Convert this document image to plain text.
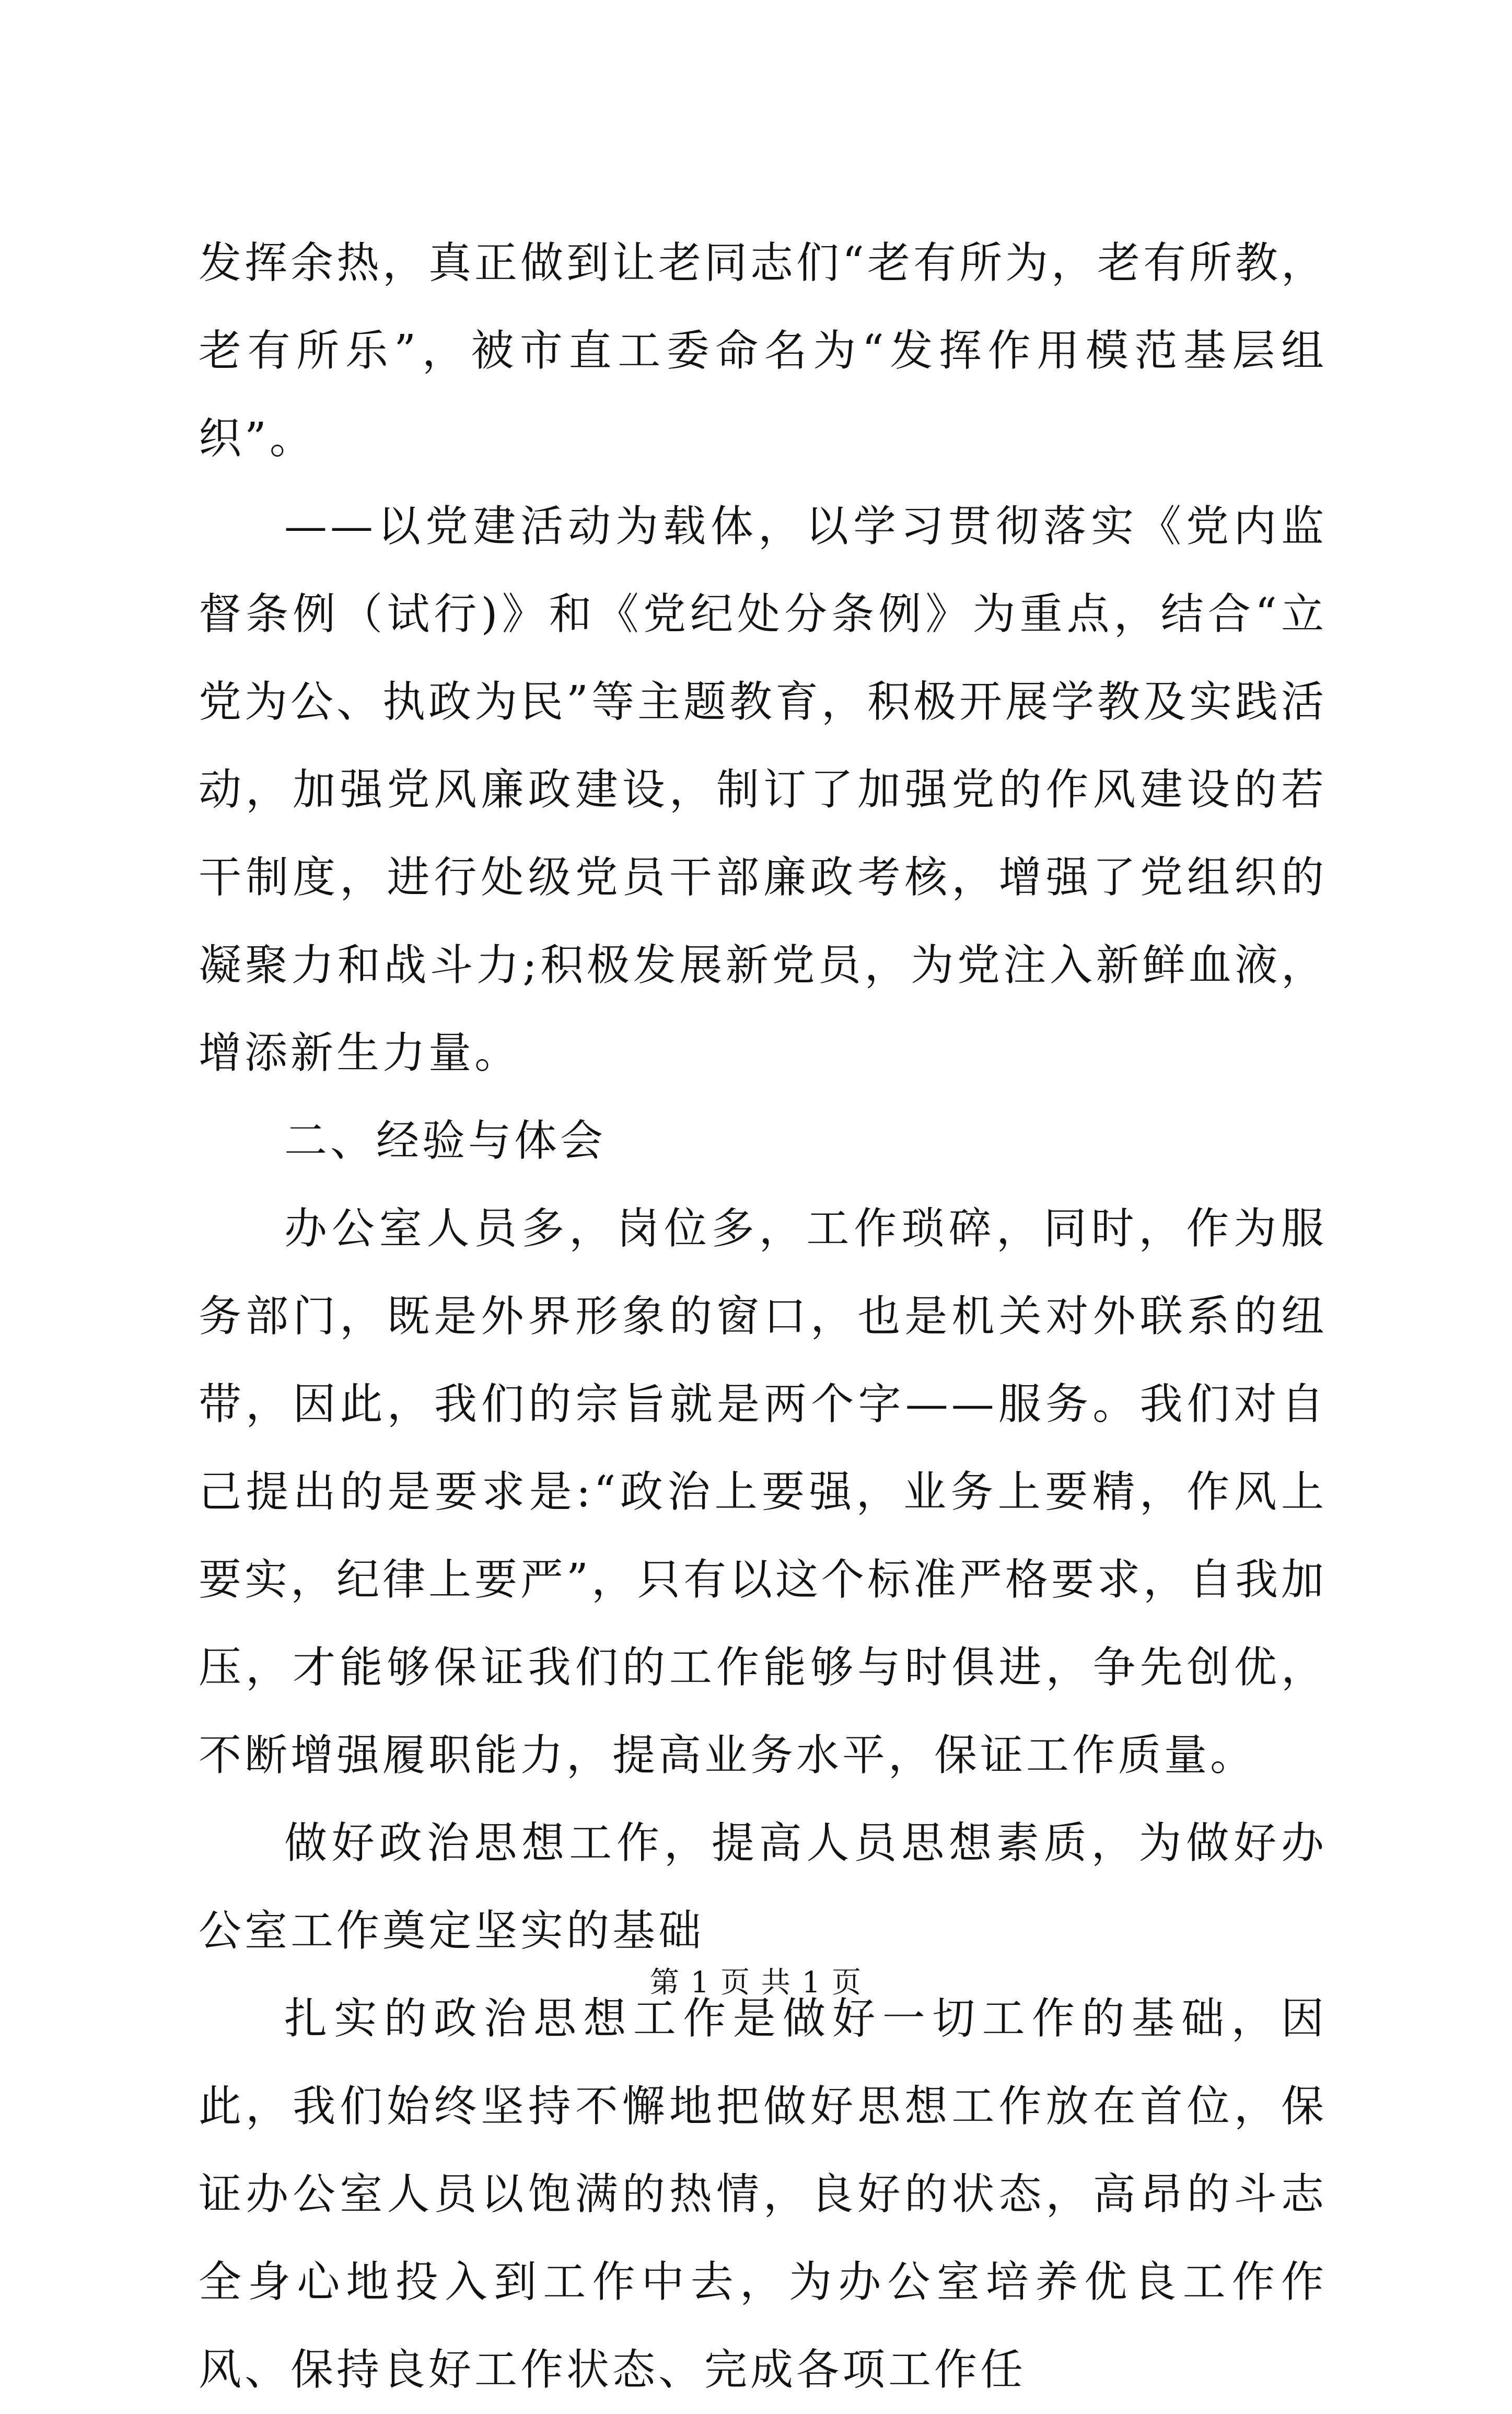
发挥余热，真正做到让老同志们“老有所为，老有所教，老有所乐”，被市直工委命名为“发挥作用模范基层组织”。

——以党建活动为载体，以学习贯彻落实《党内监督条例（试行)》和《党纪处分条例》为重点，结合“立党为公、执政为民”等主题教育，积极开展学教及实践活动，加强党风廉政建设，制订了加强党的作风建设的若干制度，进行处级党员干部廉政考核，增强了党组织的凝聚力和战斗力;积极发展新党员，为党注入新鲜血液，增添新生力量。

二、经验与体会

办公室人员多，岗位多，工作琐碎，同时，作为服务部门，既是外界形象的窗口，也是机关对外联系的纽带，因此，我们的宗旨就是两个字——服务。我们对自己提出的是要求是:“政治上要强，业务上要精，作风上要实，纪律上要严”，只有以这个标准严格要求，自我加压，才能够保证我们的工作能够与时俱进，争先创优，不断增强履职能力，提高业务水平，保证工作质量。

做好政治思想工作，提高人员思想素质，为做好办公室工作奠定坚实的基础

扎实的政治思想工作是做好一切工作的基础，因此，我们始终坚持不懈地把做好思想工作放在首位，保证办公室人员以饱满的热情，良好的状态，高昂的斗志全身心地投入到工作中去，为办公室培养优良工作作风、保持良好工作状态、完成各项工作任

第 1 页 共 1 页
